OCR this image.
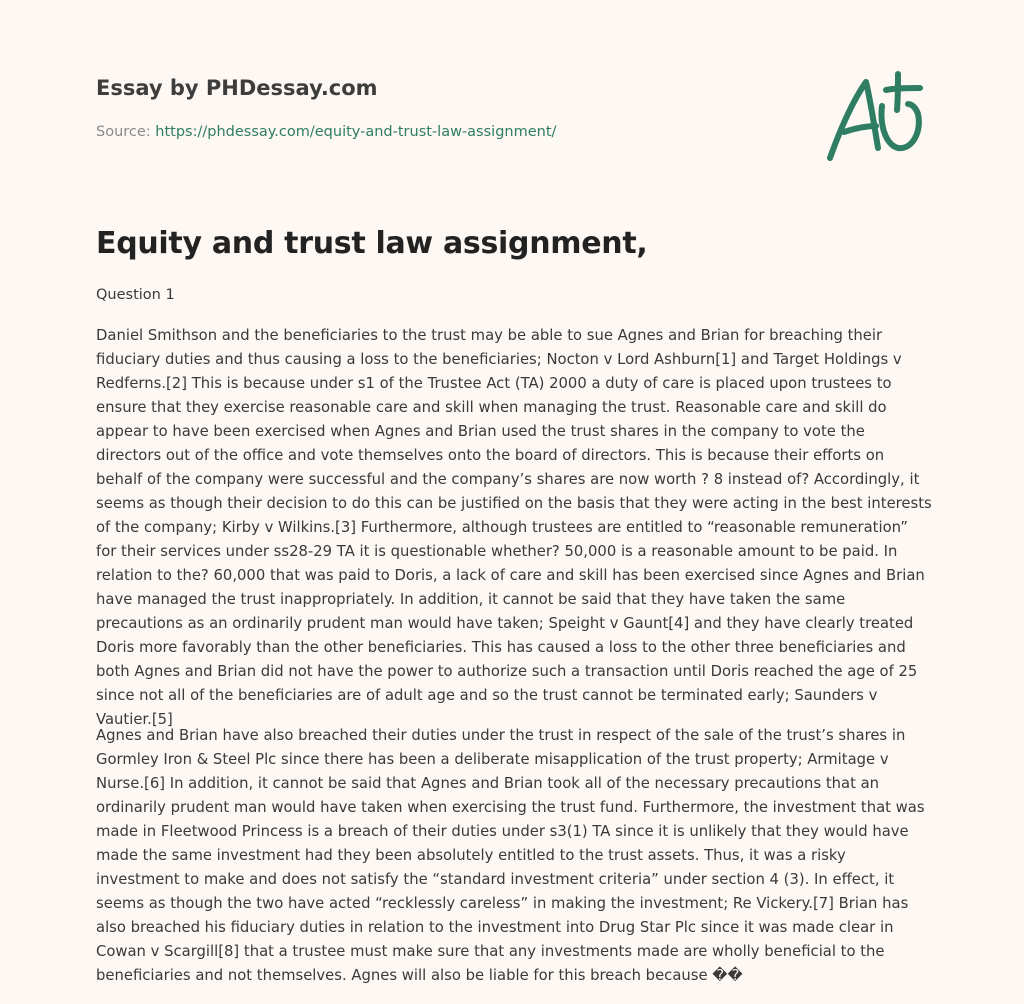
Essay by PHDessay.com
Source: https://phdessay.com/equity-and-trust-law-assignment/
Equity and trust law assignment,
Question 1

Daniel Smithson and the beneficiaries to the trust may be able to sue Agnes and Brian for breaching their fiduciary duties and thus causing a loss to the beneficiaries; Nocton v Lord Ashburn[1] and Target Holdings v Redferns.[2] This is because under s1 of the Trustee Act (TA) 2000 a duty of care is placed upon trustees to ensure that they exercise reasonable care and skill when managing the trust. Reasonable care and skill do appear to have been exercised when Agnes and Brian used the trust shares in the company to vote the directors out of the office and vote themselves onto the board of directors. This is because their efforts on behalf of the company were successful and the company’s shares are now worth ? 8 instead of? Accordingly, it seems as though their decision to do this can be justified on the basis that they were acting in the best interests of the company; Kirby v Wilkins.[3] Furthermore, although trustees are entitled to “reasonable remuneration” for their services under ss28-29 TA it is questionable whether? 50,000 is a reasonable amount to be paid. In relation to the? 60,000 that was paid to Doris, a lack of care and skill has been exercised since Agnes and Brian have managed the trust inappropriately. In addition, it cannot be said that they have taken the same precautions as an ordinarily prudent man would have taken; Speight v Gaunt[4] and they have clearly treated Doris more favorably than the other beneficiaries. This has caused a loss to the other three beneficiaries and both Agnes and Brian did not have the power to authorize such a transaction until Doris reached the age of 25 since not all of the beneficiaries are of adult age and so the trust cannot be terminated early; Saunders v Vautier.[5]

Agnes and Brian have also breached their duties under the trust in respect of the sale of the trust’s shares in Gormley Iron & Steel Plc since there has been a deliberate misapplication of the trust property; Armitage v Nurse.[6] In addition, it cannot be said that Agnes and Brian took all of the necessary precautions that an ordinarily prudent man would have taken when exercising the trust fund. Furthermore, the investment that was made in Fleetwood Princess is a breach of their duties under s3(1) TA since it is unlikely that they would have made the same investment had they been absolutely entitled to the trust assets. Thus, it was a risky investment to make and does not satisfy the “standard investment criteria” under section 4 (3). In effect, it seems as though the two have acted “recklessly careless” in making the investment; Re Vickery.[7] Brian has also breached his fiduciary duties in relation to the investment into Drug Star Plc since it was made clear in Cowan v Scargill[8] that a trustee must make sure that any investments made are wholly beneficial to the beneficiaries and not themselves. Agnes will also be liable for this breach because ��
